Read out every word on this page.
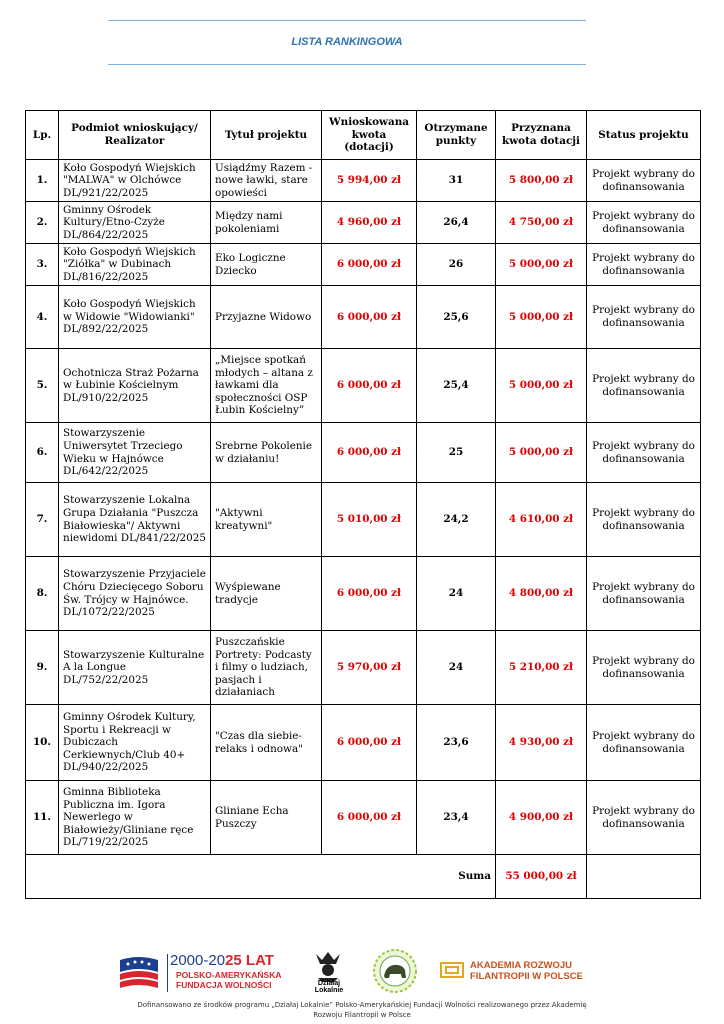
LISTA RANKINGOWA
Lp.	Podmiot wnioskujący/ Realizator	Tytuł projektu	Wnioskowana kwota (dotacji)	Otrzymane punkty	Przyznana kwota dotacji	Status projektu
1.	Koło Gospodyń Wiejskich "MALWA" w Olchówce DL/921/22/2025	Usiądźmy Razem - nowe ławki, stare opowieści	5 994,00 zł	31	5 800,00 zł	Projekt wybrany do dofinansowania
2.	Gminny Ośrodek Kultury/Etno-Czyże DL/864/22/2025	Między nami pokoleniami	4 960,00 zł	26,4	4 750,00 zł	Projekt wybrany do dofinansowania
3.	Koło Gospodyń Wiejskich "Ziółka" w Dubinach DL/816/22/2025	Eko Logiczne Dziecko	6 000,00 zł	26	5 000,00 zł	Projekt wybrany do dofinansowania
4.	Koło Gospodyń Wiejskich w Widowie "Widowianki" DL/892/22/2025	Przyjazne Widowo	6 000,00 zł	25,6	5 000,00 zł	Projekt wybrany do dofinansowania
5.	Ochotnicza Straż Pożarna w Łubinie Kościelnym DL/910/22/2025	„Miejsce spotkań młodych – altana z ławkami dla społeczności OSP Łubin Kościelny”	6 000,00 zł	25,4	5 000,00 zł	Projekt wybrany do dofinansowania
6.	Stowarzyszenie Uniwersytet Trzeciego Wieku w Hajnówce DL/642/22/2025	Srebrne Pokolenie w działaniu!	6 000,00 zł	25	5 000,00 zł	Projekt wybrany do dofinansowania
7.	Stowarzyszenie Lokalna Grupa Działania "Puszcza Białowieska"/ Aktywni niewidomi DL/841/22/2025	"Aktywni kreatywni"	5 010,00 zł	24,2	4 610,00 zł	Projekt wybrany do dofinansowania
8.	Stowarzyszenie Przyjaciele Chóru Dziecięcego Soboru Św. Trójcy w Hajnówce. DL/1072/22/2025	Wyśpiewane tradycje	6 000,00 zł	24	4 800,00 zł	Projekt wybrany do dofinansowania
9.	Stowarzyszenie Kulturalne A la Longue DL/752/22/2025	Puszczańskie Portrety: Podcasty i filmy o ludziach, pasjach i działaniach	5 970,00 zł	24	5 210,00 zł	Projekt wybrany do dofinansowania
10.	Gminny Ośrodek Kultury, Sportu i Rekreacji w Dubiczach Cerkiewnych/Club 40+ DL/940/22/2025	"Czas dla siebie- relaks i odnowa"	6 000,00 zł	23,6	4 930,00 zł	Projekt wybrany do dofinansowania
11.	Gminna Biblioteka Publiczna im. Igora Newerlego w Białowieży/Gliniane ręce DL/719/22/2025	Gliniane Echa Puszczy	6 000,00 zł	23,4	4 900,00 zł	Projekt wybrany do dofinansowania
Suma					55 000,00 zł	
2000-2025 LAT
POLSKO-AMERYKAŃSKA
FUNDACJA WOLNOŚCI	Działaj
Lokalnie
AKADEMIA ROZWOJU
FILANTROPII W POLSCE
Dofinansowano ze środków programu „Działaj Lokalnie” Polsko-Amerykańskiej Fundacji Wolności realizowanego przez Akademię
Rozwoju Filantropii w Polsce
